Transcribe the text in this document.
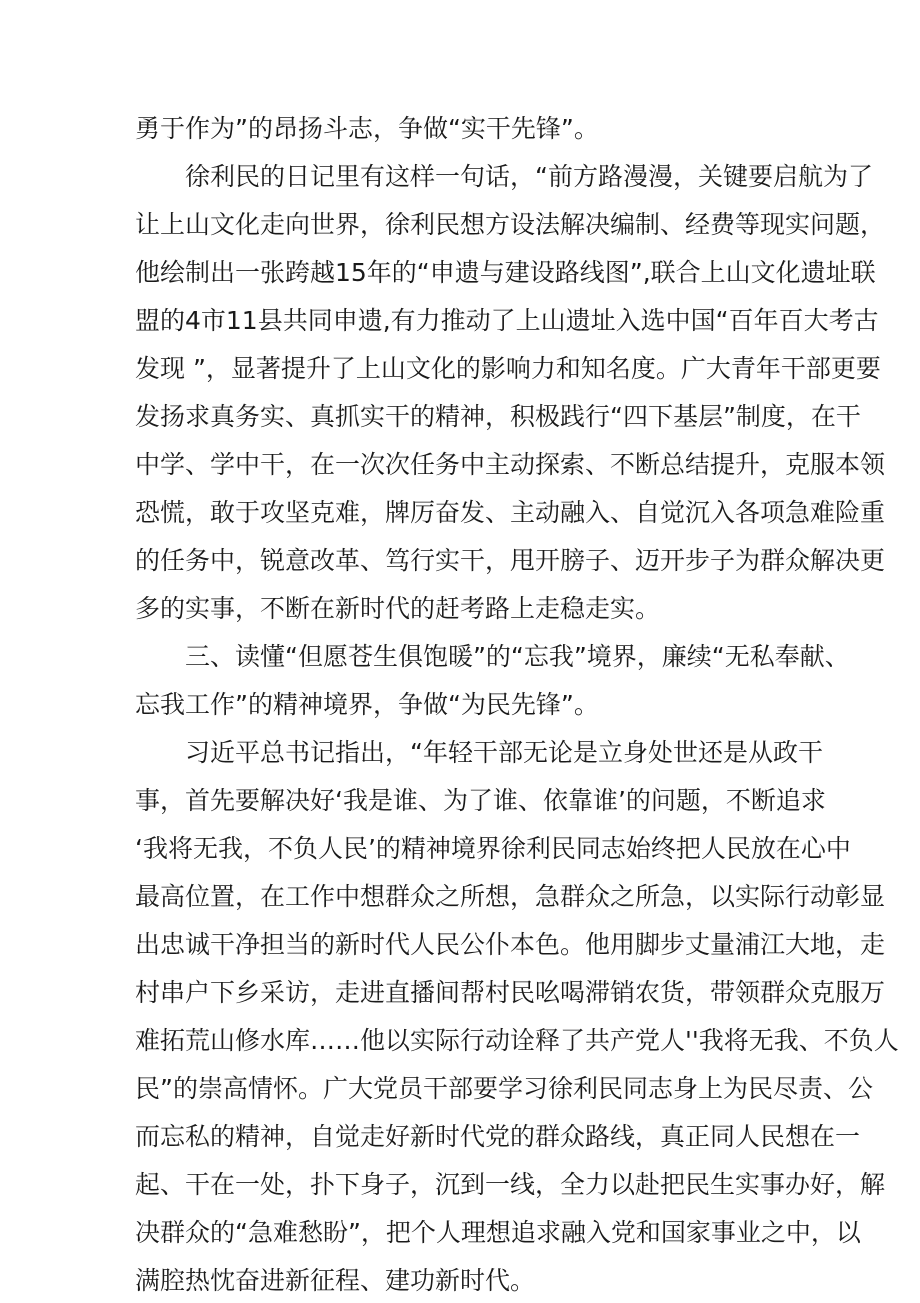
勇于作为”的昂扬斗志，争做“实干先锋”。

徐利民的日记里有这样一句话，“前方路漫漫，关键要启航为了

让上山文化走向世界，徐利民想方设法解决编制、经费等现实问题，

他绘制出一张跨越15年的“申遗与建设路线图”,联合上山文化遗址联

盟的4市11县共同申遗,有力推动了上山遗址入选中国“百年百大考古

发现 ”，显著提升了上山文化的影响力和知名度。广大青年干部更要

发扬求真务实、真抓实干的精神，积极践行“四下基层”制度，在干

中学、学中干，在一次次任务中主动探索、不断总结提升，克服本领

恐慌，敢于攻坚克难，牌厉奋发、主动融入、自觉沉入各项急难险重

的任务中，锐意改革、笃行实干，甩开膀子、迈开步子为群众解决更

多的实事，不断在新时代的赶考路上走稳走实。

三、读懂“但愿苍生俱饱暖”的“忘我”境界，廉续“无私奉献、

忘我工作”的精神境界，争做“为民先锋”。

习近平总书记指出，“年轻干部无论是立身处世还是从政干

事，首先要解决好‘我是谁、为了谁、依靠谁’的问题，不断追求

‘我将无我，不负人民’的精神境界徐利民同志始终把人民放在心中

最高位置，在工作中想群众之所想，急群众之所急，以实际行动彰显

出忠诚干净担当的新时代人民公仆本色。他用脚步丈量浦江大地，走

村串户下乡采访，走进直播间帮村民吆喝滞销农货，带领群众克服万

难拓荒山修水库……他以实际行动诠释了共产党人''我将无我、不负人

民”的崇高情怀。广大党员干部要学习徐利民同志身上为民尽责、公

而忘私的精神，自觉走好新时代党的群众路线，真正同人民想在一

起、干在一处，扑下身子，沉到一线，全力以赴把民生实事办好，解

决群众的“急难愁盼”，把个人理想追求融入党和国家事业之中，以

满腔热忱奋进新征程、建功新时代。
